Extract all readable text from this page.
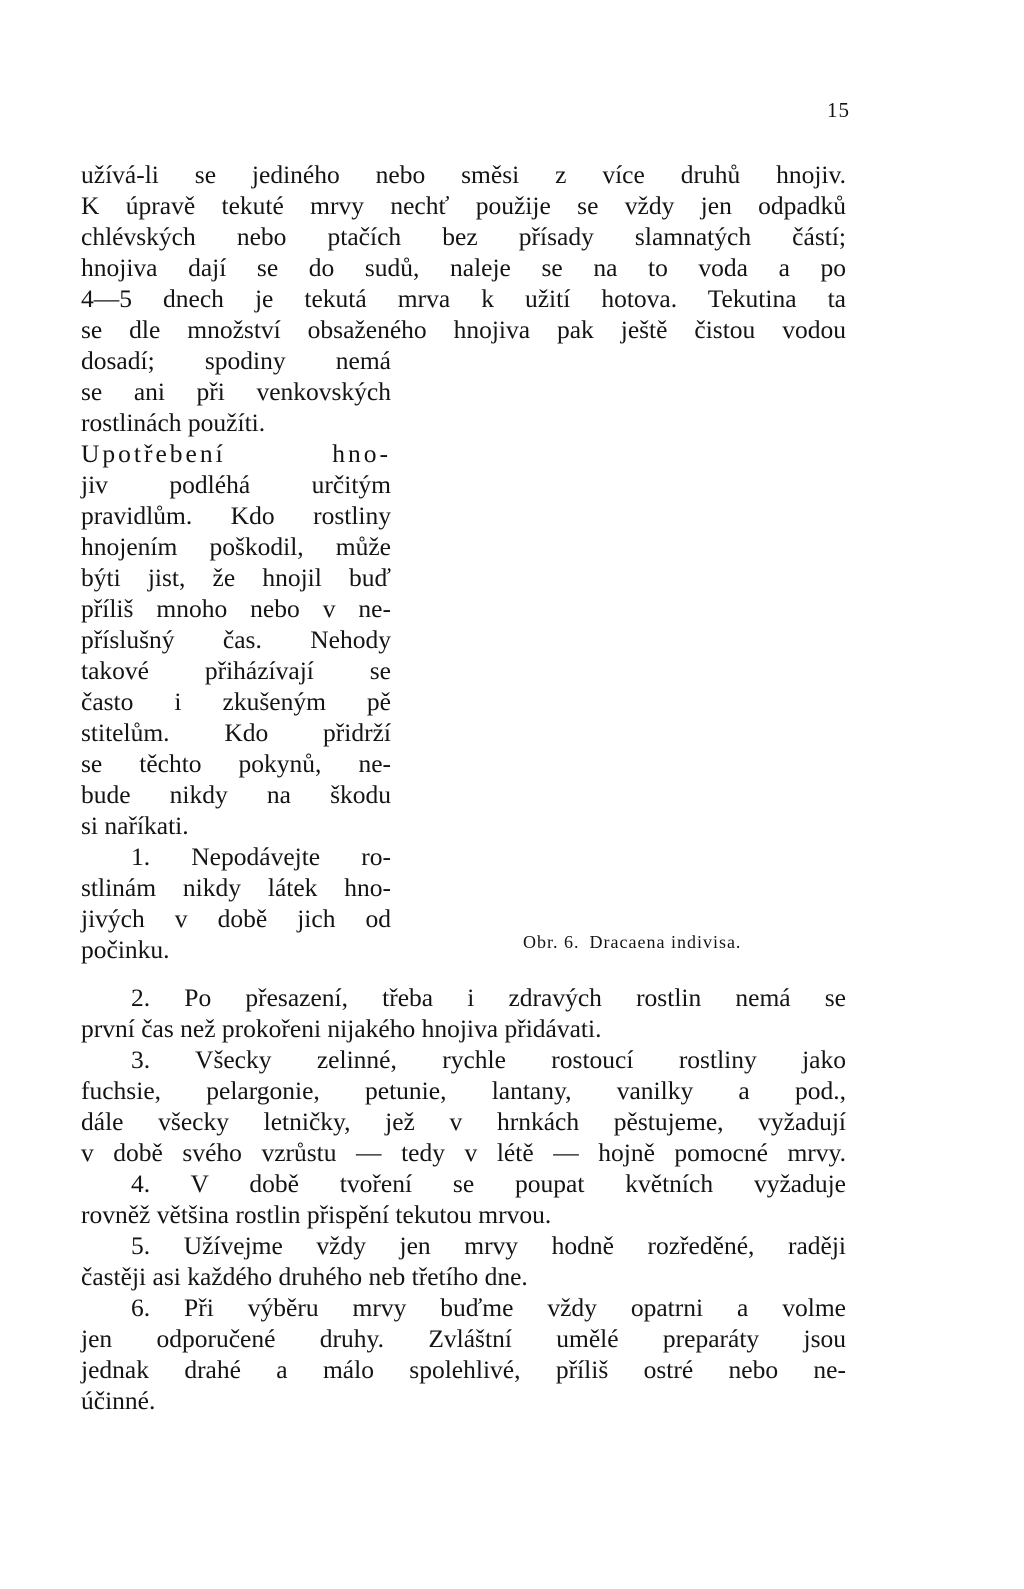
15
užívá-li se jediného nebo směsi z více druhů hnojiv.
K úpravě tekuté mrvy nechť použije se vždy jen odpadků
chlévských nebo ptačích bez přísady slamnatých částí;
hnojiva dají se do sudů, naleje se na to voda a po
4—5 dnech je tekutá mrva k užití hotova. Tekutina ta
se dle množství obsaženého hnojiva pak ještě čistou vodou
dosadí; spodiny nemá
se ani při venkovských
rostlinách použíti.
Upotřebení hno-
jiv podléhá určitým
pravidlům. Kdo rostliny
hnojením poškodil, může
býti jist, že hnojil buď
příliš mnoho nebo v ne-
příslušný čas. Nehody
takové přiházívají se
často i zkušeným pě
stitelům. Kdo přidrží
se těchto pokynů, ne-
bude nikdy na škodu
si naříkati.
1. Nepodávejte ro-
stlinám nikdy látek hno-
jivých v době jich od
Obr. 6. Dracaena indivisa.
počinku.
2. Po přesazení, třeba i zdravých rostlin nemá se
první čas než prokořeni nijakého hnojiva přidávati.
3. Všecky zelinné, rychle rostoucí rostliny jako
fuchsie, pelargonie, petunie, lantany, vanilky a pod.,
dále všecky letničky, jež v hrnkách pěstujeme, vyžadují
v době svého vzrůstu — tedy v létě — hojně pomocné mrvy.
4. V době tvoření se poupat květních vyžaduje
rovněž většina rostlin přispění tekutou mrvou.
5. Užívejme vždy jen mrvy hodně rozředěné, raději
častěji asi každého druhého neb třetího dne.
6. Při výběru mrvy buďme vždy opatrni a volme
jen odporučené druhy. Zvláštní umělé preparáty jsou
jednak drahé a málo spolehlivé, příliš ostré nebo ne-
účinné.
